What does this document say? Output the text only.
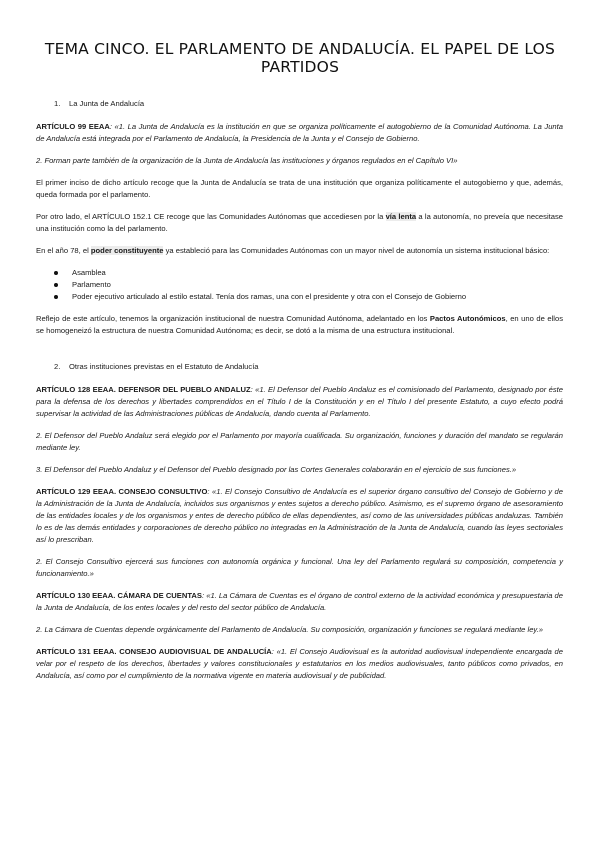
TEMA CINCO. EL PARLAMENTO DE ANDALUCÍA. EL PAPEL DE LOS PARTIDOS
1. La Junta de Andalucía

ARTÍCULO 99 EEAA: «1. La Junta de Andalucía es la institución en que se organiza políticamente el autogobierno de la Comunidad Autónoma. La Junta de Andalucía está integrada por el Parlamento de Andalucía, la Presidencia de la Junta y el Consejo de Gobierno.

2. Forman parte también de la organización de la Junta de Andalucía las instituciones y órganos regulados en el Capítulo VI»

El primer inciso de dicho artículo recoge que la Junta de Andalucía se trata de una institución que organiza políticamente el autogobierno y que, además, queda formada por el parlamento.

Por otro lado, el ARTÍCULO 152.1 CE recoge que las Comunidades Autónomas que accediesen por la vía lenta a la autonomía, no preveía que necesitase una institución como la del parlamento.

En el año 78, el poder constituyente ya estableció para las Comunidades Autónomas con un mayor nivel de autonomía un sistema institucional básico:

Asamblea
Parlamento
Poder ejecutivo articulado al estilo estatal. Tenía dos ramas, una con el presidente y otra con el Consejo de Gobierno

Reflejo de este artículo, tenemos la organización institucional de nuestra Comunidad Autónoma, adelantado en los Pactos Autonómicos, en uno de ellos se homogeneizó la estructura de nuestra Comunidad Autónoma; es decir, se dotó a la misma de una estructura institucional.

2. Otras instituciones previstas en el Estatuto de Andalucía

ARTÍCULO 128 EEAA. DEFENSOR DEL PUEBLO ANDALUZ: «1. El Defensor del Pueblo Andaluz es el comisionado del Parlamento, designado por éste para la defensa de los derechos y libertades comprendidos en el Título I de la Constitución y en el Título I del presente Estatuto, a cuyo efecto podrá supervisar la actividad de las Administraciones públicas de Andalucía, dando cuenta al Parlamento.

2. El Defensor del Pueblo Andaluz será elegido por el Parlamento por mayoría cualificada. Su organización, funciones y duración del mandato se regularán mediante ley.

3. El Defensor del Pueblo Andaluz y el Defensor del Pueblo designado por las Cortes Generales colaborarán en el ejercicio de sus funciones.»

ARTÍCULO 129 EEAA. CONSEJO CONSULTIVO: «1. El Consejo Consultivo de Andalucía es el superior órgano consultivo del Consejo de Gobierno y de la Administración de la Junta de Andalucía, incluidos sus organismos y entes sujetos a derecho público. Asimismo, es el supremo órgano de asesoramiento de las entidades locales y de los organismos y entes de derecho público de ellas dependientes, así como de las universidades públicas andaluzas. También lo es de las demás entidades y corporaciones de derecho público no integradas en la Administración de la Junta de Andalucía, cuando las leyes sectoriales así lo prescriban.

2. El Consejo Consultivo ejercerá sus funciones con autonomía orgánica y funcional. Una ley del Parlamento regulará su composición, competencia y funcionamiento.»

ARTÍCULO 130 EEAA. CÁMARA DE CUENTAS: «1. La Cámara de Cuentas es el órgano de control externo de la actividad económica y presupuestaria de la Junta de Andalucía, de los entes locales y del resto del sector público de Andalucía.

2. La Cámara de Cuentas depende orgánicamente del Parlamento de Andalucía. Su composición, organización y funciones se regulará mediante ley.»

ARTÍCULO 131 EEAA. CONSEJO AUDIOVISUAL DE ANDALUCÍA: «1. El Consejo Audiovisual es la autoridad audiovisual independiente encargada de velar por el respeto de los derechos, libertades y valores constitucionales y estatutarios en los medios audiovisuales, tanto públicos como privados, en Andalucía, así como por el cumplimiento de la normativa vigente en materia audiovisual y de publicidad.
